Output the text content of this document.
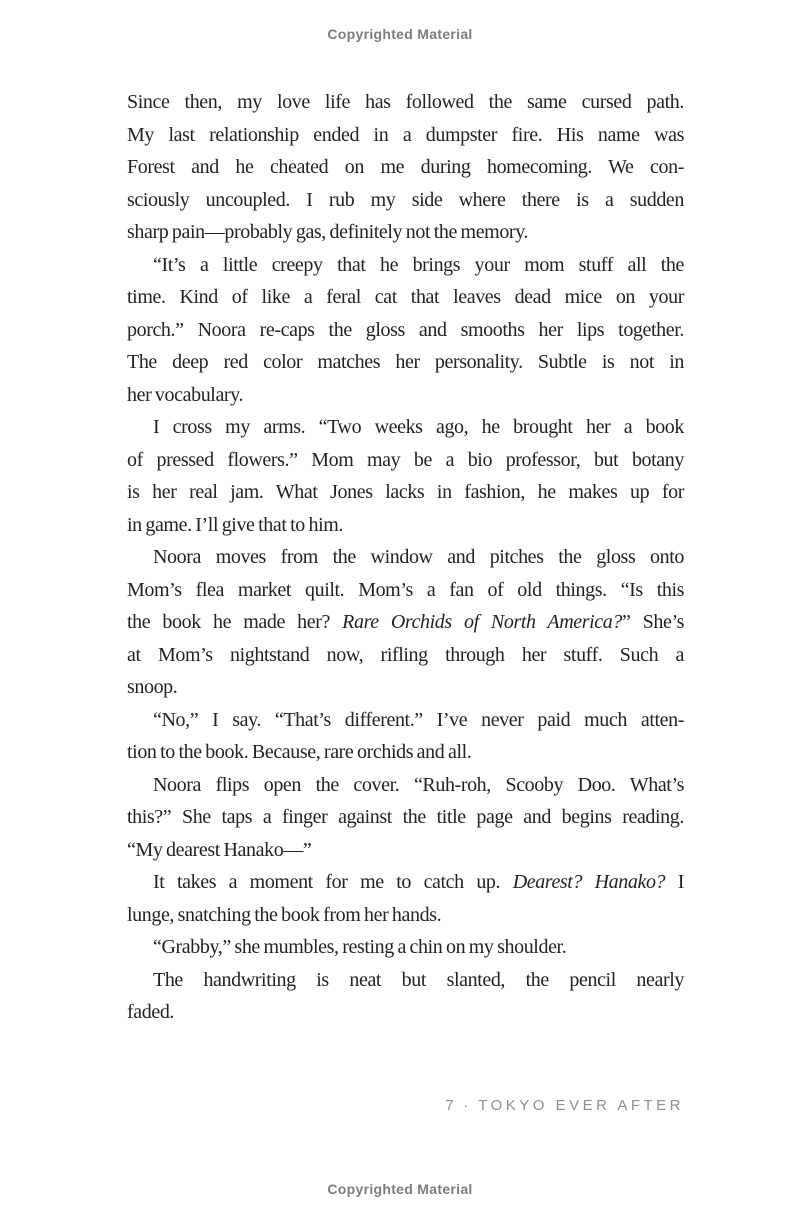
Copyrighted Material
Since then, my love life has followed the same cursed path.
My last relationship ended in a dumpster fire. His name was
Forest and he cheated on me during homecoming. We con-
sciously uncoupled. I rub my side where there is a sudden
sharp pain—probably gas, definitely not the memory.
“It’s a little creepy that he brings your mom stuff all the
time. Kind of like a feral cat that leaves dead mice on your
porch.” Noora re-caps the gloss and smooths her lips together.
The deep red color matches her personality. Subtle is not in
her vocabulary.
I cross my arms. “Two weeks ago, he brought her a book
of pressed flowers.” Mom may be a bio professor, but botany
is her real jam. What Jones lacks in fashion, he makes up for
in game. I’ll give that to him.
Noora moves from the window and pitches the gloss onto
Mom’s flea market quilt. Mom’s a fan of old things. “Is this
the book he made her? Rare Orchids of North America?” She’s
at Mom’s nightstand now, rifling through her stuff. Such a
snoop.
“No,” I say. “That’s different.” I’ve never paid much atten-
tion to the book. Because, rare orchids and all.
Noora flips open the cover. “Ruh-roh, Scooby Doo. What’s
this?” She taps a finger against the title page and begins reading.
“My dearest Hanako—”
It takes a moment for me to catch up. Dearest? Hanako? I
lunge, snatching the book from her hands.
“Grabby,” she mumbles, resting a chin on my shoulder.
The handwriting is neat but slanted, the pencil nearly
faded.
7 · TOKYO EVER AFTER
Copyrighted Material
